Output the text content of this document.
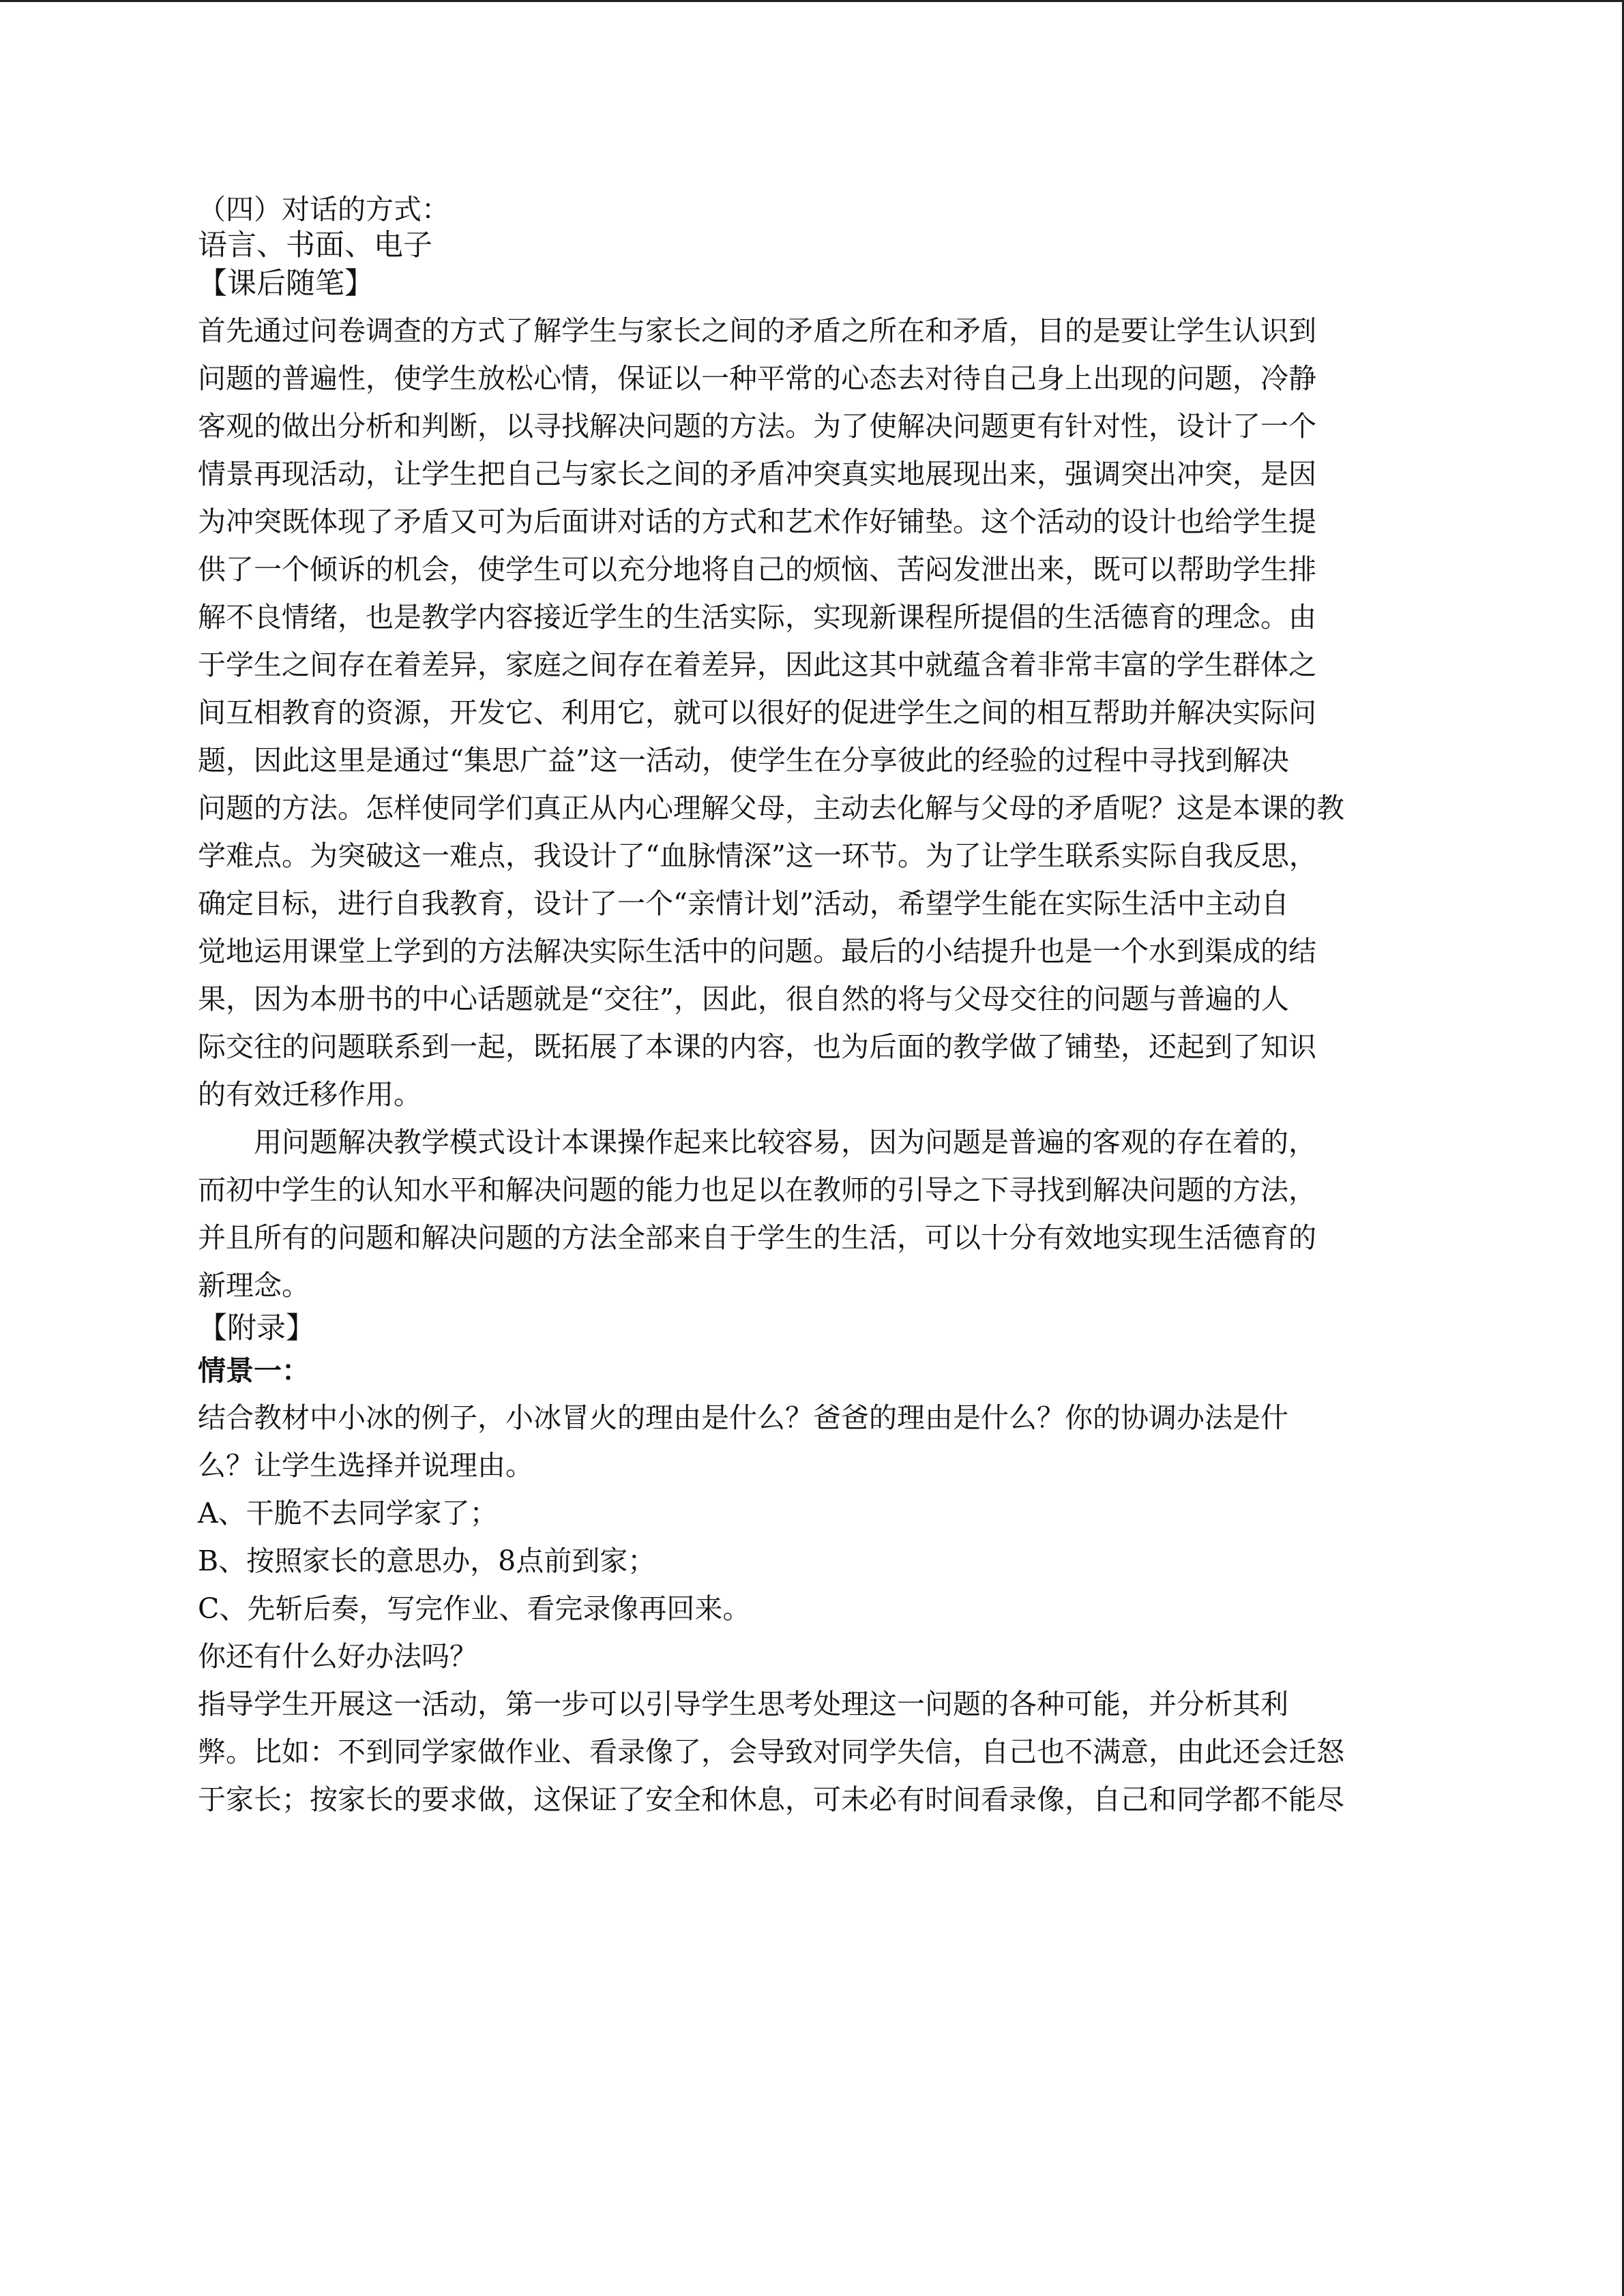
（四）对话的方式：

语言、书面、电子

【课后随笔】

首先通过问卷调查的方式了解学生与家长之间的矛盾之所在和矛盾，目的是要让学生认识到
问题的普遍性，使学生放松心情，保证以一种平常的心态去对待自己身上出现的问题，冷静
客观的做出分析和判断，以寻找解决问题的方法。为了使解决问题更有针对性，设计了一个
情景再现活动，让学生把自己与家长之间的矛盾冲突真实地展现出来，强调突出冲突，是因
为冲突既体现了矛盾又可为后面讲对话的方式和艺术作好铺垫。这个活动的设计也给学生提
供了一个倾诉的机会，使学生可以充分地将自己的烦恼、苦闷发泄出来，既可以帮助学生排
解不良情绪，也是教学内容接近学生的生活实际，实现新课程所提倡的生活德育的理念。由
于学生之间存在着差异，家庭之间存在着差异，因此这其中就蕴含着非常丰富的学生群体之
间互相教育的资源，开发它、利用它，就可以很好的促进学生之间的相互帮助并解决实际问
题，因此这里是通过“集思广益”这一活动，使学生在分享彼此的经验的过程中寻找到解决
问题的方法。怎样使同学们真正从内心理解父母，主动去化解与父母的矛盾呢？这是本课的教
学难点。为突破这一难点，我设计了“血脉情深”这一环节。为了让学生联系实际自我反思，
确定目标，进行自我教育，设计了一个“亲情计划”活动，希望学生能在实际生活中主动自
觉地运用课堂上学到的方法解决实际生活中的问题。最后的小结提升也是一个水到渠成的结
果，因为本册书的中心话题就是“交往”，因此，很自然的将与父母交往的问题与普遍的人
际交往的问题联系到一起，既拓展了本课的内容，也为后面的教学做了铺垫，还起到了知识
的有效迁移作用。
用问题解决教学模式设计本课操作起来比较容易，因为问题是普遍的客观的存在着的，
而初中学生的认知水平和解决问题的能力也足以在教师的引导之下寻找到解决问题的方法，
并且所有的问题和解决问题的方法全部来自于学生的生活，可以十分有效地实现生活德育的
新理念。

【附录】

情景一：

结合教材中小冰的例子，小冰冒火的理由是什么？爸爸的理由是什么？你的协调办法是什
么？让学生选择并说理由。
A、干脆不去同学家了；
B、按照家长的意思办，8点前到家；
C、先斩后奏，写完作业、看完录像再回来。
你还有什么好办法吗？
指导学生开展这一活动，第一步可以引导学生思考处理这一问题的各种可能，并分析其利
弊。比如：不到同学家做作业、看录像了，会导致对同学失信，自己也不满意，由此还会迁怒
于家长；按家长的要求做，这保证了安全和休息，可未必有时间看录像，自己和同学都不能尽
